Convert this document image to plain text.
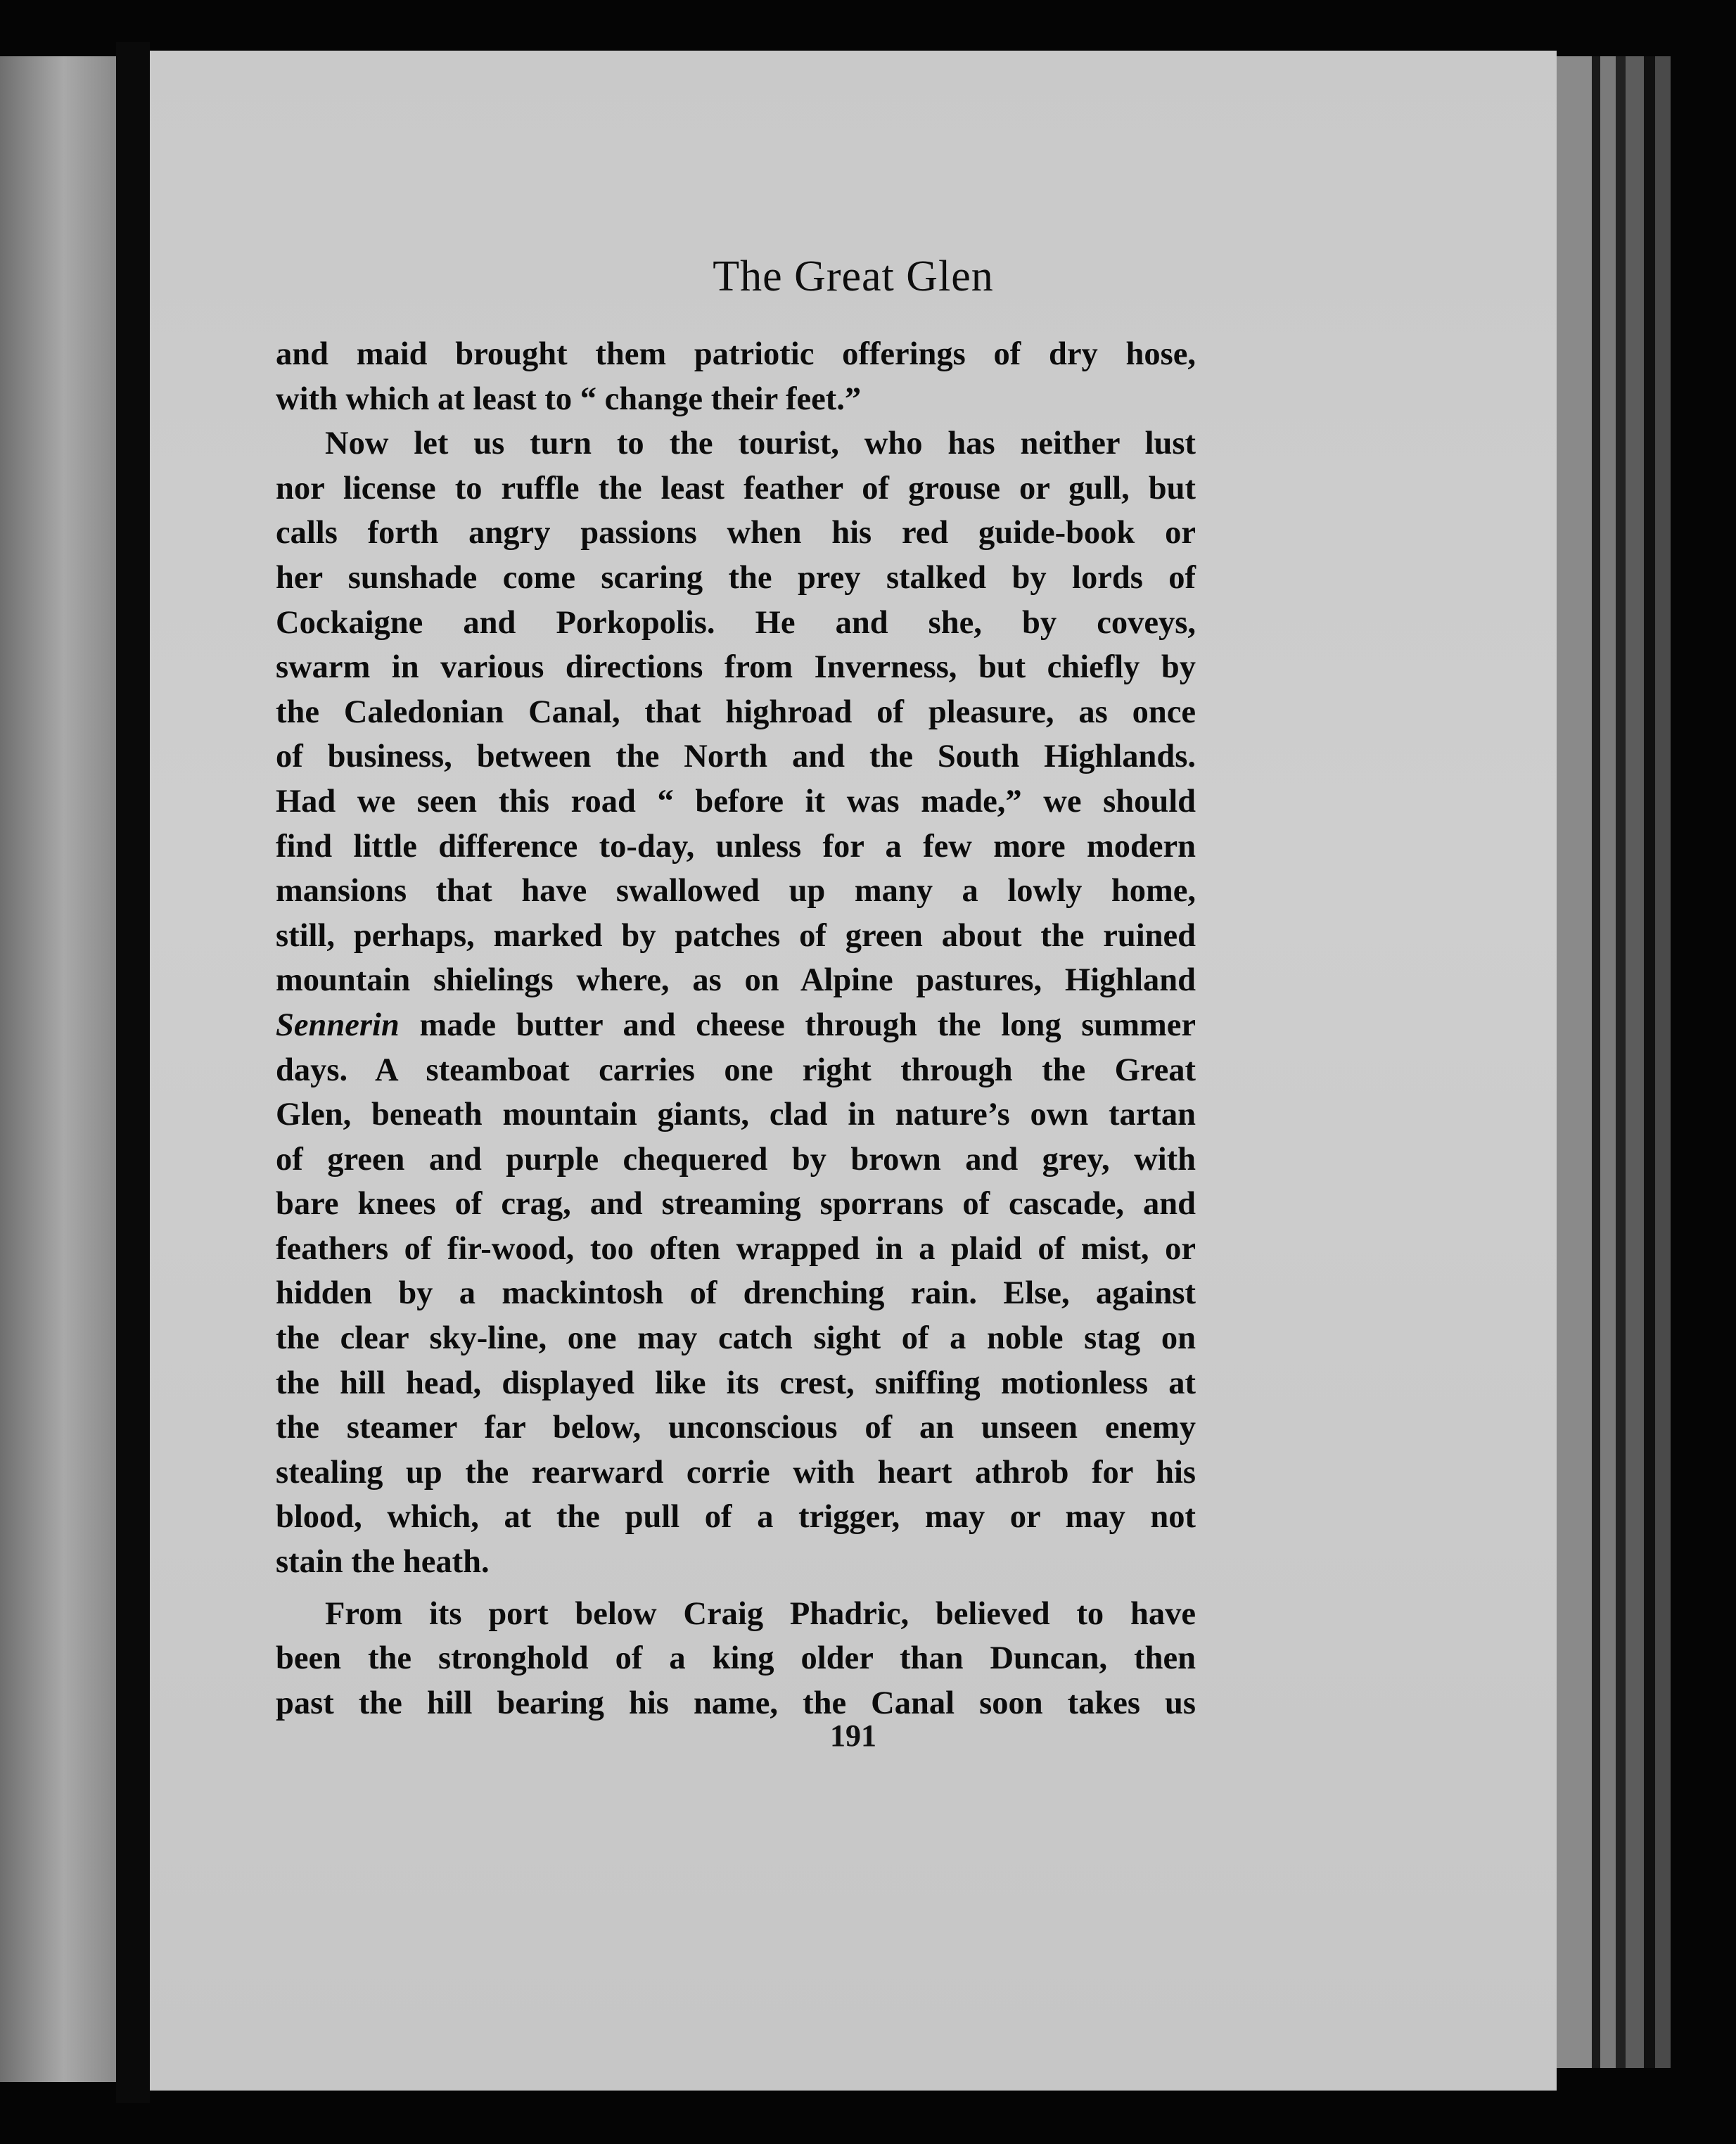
The Great Glen
and maid brought them patriotic offerings of dry hose,
with which at least to “ change their feet.”
Now let us turn to the tourist, who has neither lust
nor license to ruffle the least feather of grouse or gull, but
calls forth angry passions when his red guide-book or
her sunshade come scaring the prey stalked by lords of
Cockaigne and Porkopolis. He and she, by coveys,
swarm in various directions from Inverness, but chiefly by
the Caledonian Canal, that highroad of pleasure, as once
of business, between the North and the South Highlands.
Had we seen this road “ before it was made,” we should
find little difference to-day, unless for a few more modern
mansions that have swallowed up many a lowly home,
still, perhaps, marked by patches of green about the ruined
mountain shielings where, as on Alpine pastures, Highland
Sennerin made butter and cheese through the long summer
days. A steamboat carries one right through the Great
Glen, beneath mountain giants, clad in nature’s own tartan
of green and purple chequered by brown and grey, with
bare knees of crag, and streaming sporrans of cascade, and
feathers of fir-wood, too often wrapped in a plaid of mist, or
hidden by a mackintosh of drenching rain. Else, against
the clear sky-line, one may catch sight of a noble stag on
the hill head, displayed like its crest, sniffing motionless at
the steamer far below, unconscious of an unseen enemy
stealing up the rearward corrie with heart athrob for his
blood, which, at the pull of a trigger, may or may not
stain the heath.
From its port below Craig Phadric, believed to have
been the stronghold of a king older than Duncan, then
past the hill bearing his name, the Canal soon takes us
191
